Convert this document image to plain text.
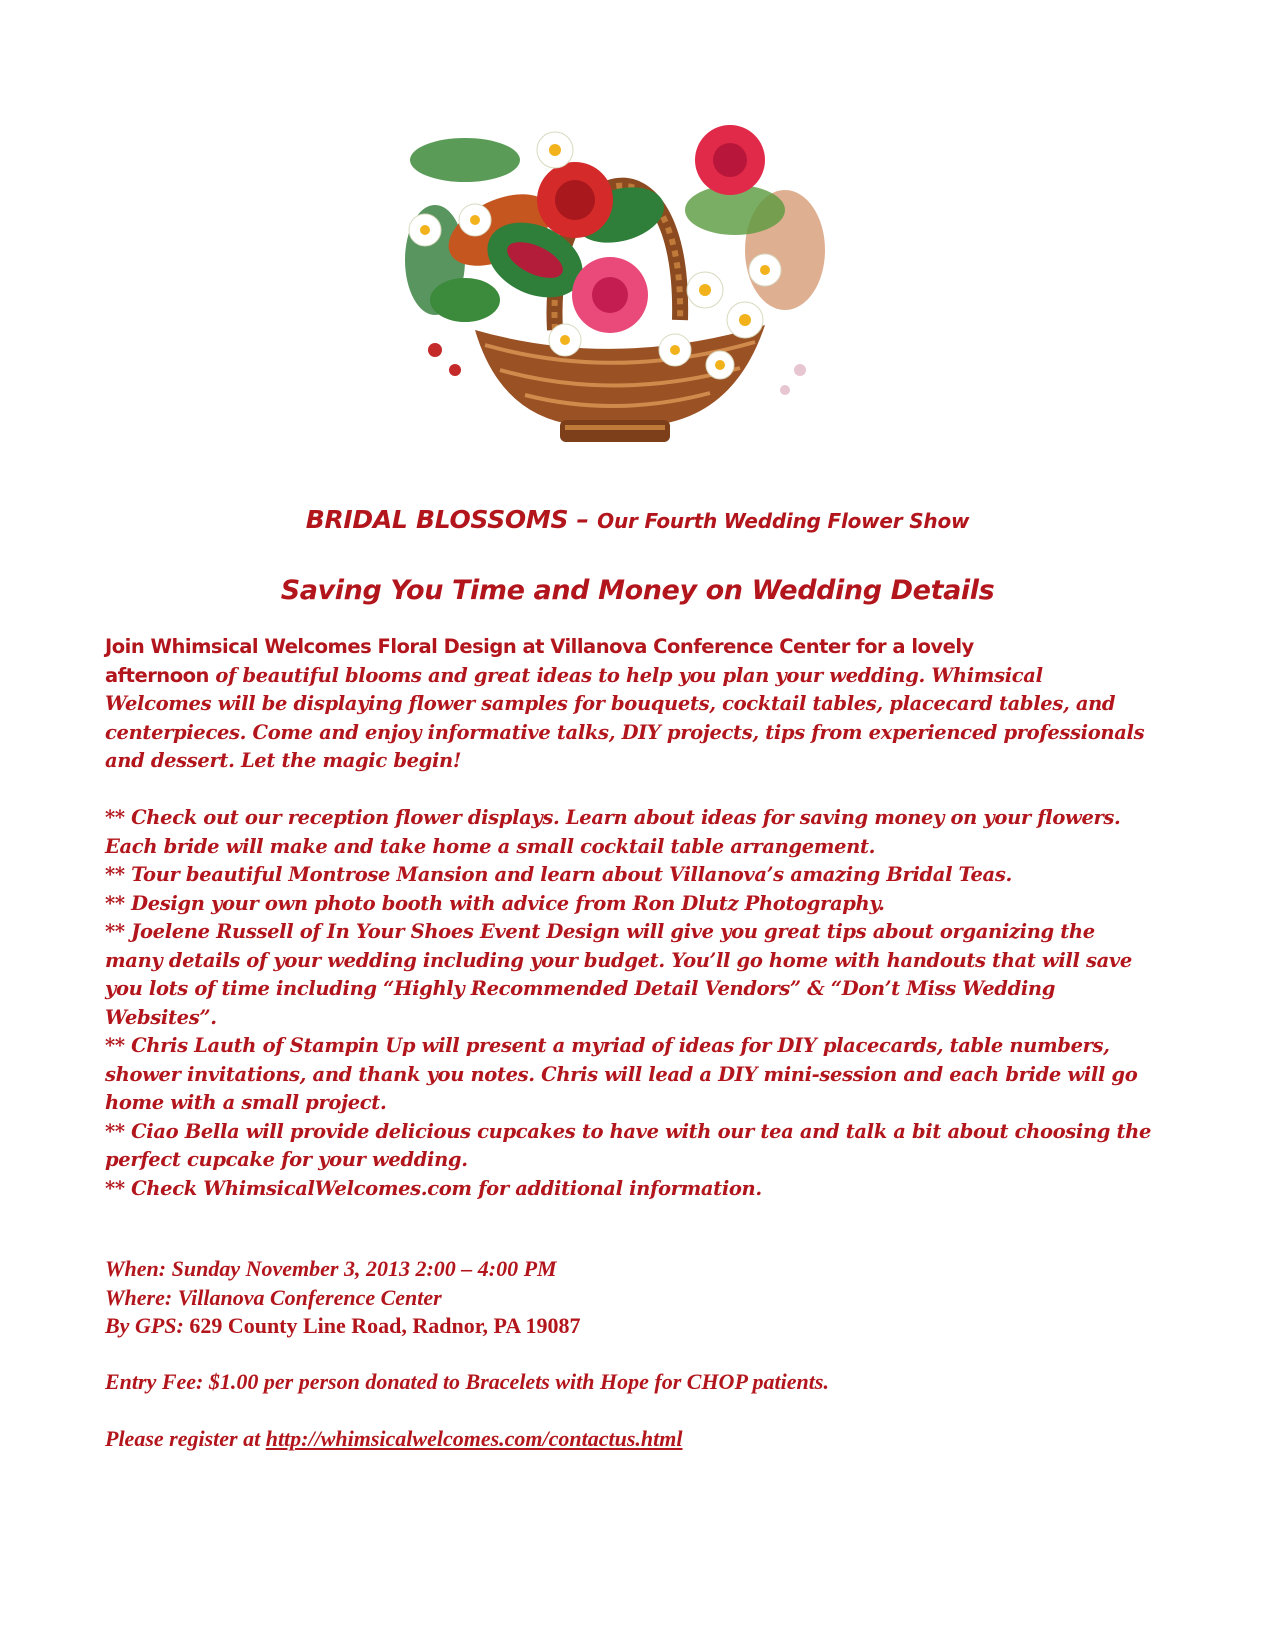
BRIDAL BLOSSOMS – Our Fourth Wedding Flower Show
Saving You Time and Money on Wedding Details

Join Whimsical Welcomes Floral Design at Villanova Conference Center for a lovely
afternoon of beautiful blooms and great ideas to help you plan your wedding. Whimsical Welcomes will be displaying flower samples for bouquets, cocktail tables, placecard tables, and centerpieces. Come and enjoy informative talks, DIY projects, tips from experienced professionals and dessert. Let the magic begin!

** Check out our reception flower displays. Learn about ideas for saving money on your flowers. Each bride will make and take home a small cocktail table arrangement.

** Tour beautiful Montrose Mansion and learn about Villanova’s amazing Bridal Teas.

** Design your own photo booth with advice from Ron Dlutz Photography.

** Joelene Russell of In Your Shoes Event Design will give you great tips about organizing the many details of your wedding including your budget. You’ll go home with handouts that will save you lots of time including “Highly Recommended Detail Vendors” & “Don’t Miss Wedding Websites”.

** Chris Lauth of Stampin Up will present a myriad of ideas for DIY placecards, table numbers, shower invitations, and thank you notes. Chris will lead a DIY mini-session and each bride will go home with a small project.

** Ciao Bella will provide delicious cupcakes to have with our tea and talk a bit about choosing the perfect cupcake for your wedding.

** Check WhimsicalWelcomes.com for additional information.

When: Sunday November 3, 2013 2:00 – 4:00 PM

Where: Villanova Conference Center

By GPS: 629 County Line Road, Radnor, PA 19087

Entry Fee: $1.00 per person donated to Bracelets with Hope for CHOP patients.
Please register at http://whimsicalwelcomes.com/contactus.html
